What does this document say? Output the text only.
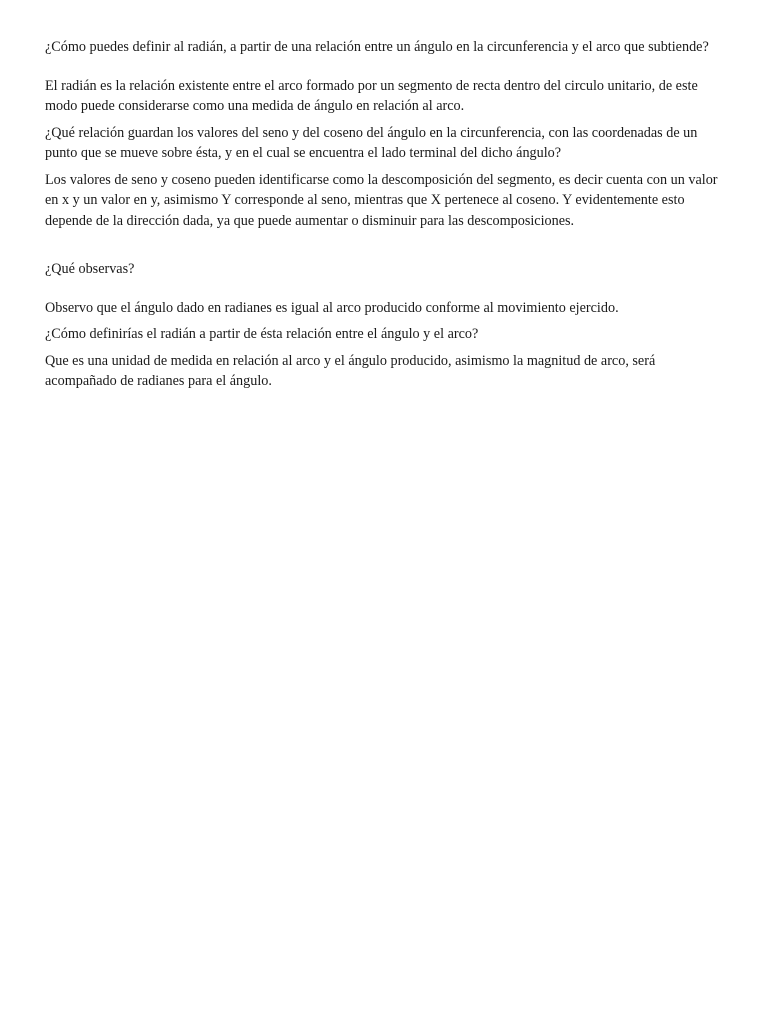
¿Cómo puedes definir al radián, a partir de una relación entre un ángulo en la circunferencia y el arco que subtiende?

El radián es la relación existente entre el arco formado por un segmento de recta dentro del circulo unitario, de este modo puede considerarse como una medida de ángulo en relación al arco.

¿Qué relación guardan los valores del seno y del coseno del ángulo en la circunferencia, con las coordenadas de un punto que se mueve sobre ésta, y en el cual se encuentra el lado terminal del dicho ángulo?

Los valores de seno y coseno pueden identificarse como la descomposición del segmento, es decir cuenta con un valor en x y un valor en y, asimismo Y corresponde al seno, mientras que X pertenece al coseno. Y evidentemente esto depende de la dirección dada, ya que puede aumentar o disminuir para las descomposiciones.

¿Qué observas?

Observo que el ángulo dado en radianes es igual al arco producido conforme al movimiento ejercido.

¿Cómo definirías el radián a partir de ésta relación entre el ángulo y el arco?

Que es una unidad de medida en relación al arco y el ángulo producido, asimismo la magnitud de arco, será acompañado de radianes para el ángulo.
